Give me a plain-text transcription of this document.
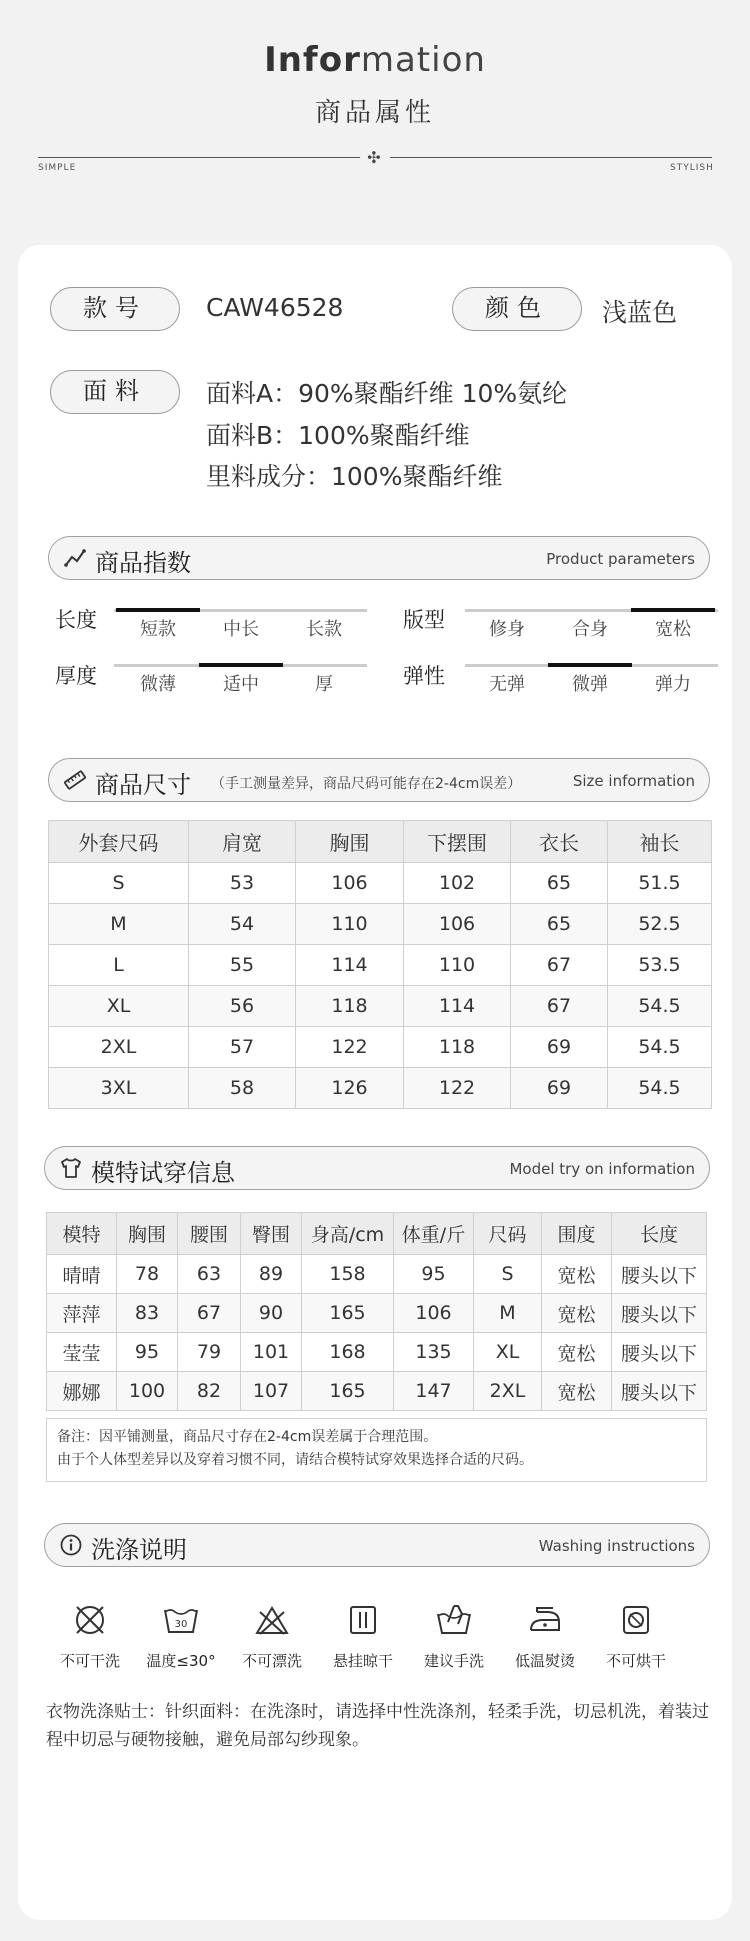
Information
商品属性
✣
SIMPLE	STYLISH
款号	CAW46528	颜色	浅蓝色
面料	面料A：90%聚酯纤维 10%氨纶
面料B：100%聚酯纤维
里料成分：100%聚酯纤维
商品指数	Product parameters
长度	短款	中长	长款	版型	修身	合身	宽松
厚度	微薄	适中	厚	弹性	无弹	微弹	弹力
商品尺寸 （手工测量差异，商品尺码可能存在2-4cm误差）	Size information
外套尺码	肩宽	胸围	下摆围	衣长	袖长
S	53	106	102	65	51.5
M	54	110	106	65	52.5
L	55	114	110	67	53.5
XL	56	118	114	67	54.5
2XL	57	122	118	69	54.5
3XL	58	126	122	69	54.5
模特试穿信息	Model try on information
模特	胸围	腰围	臀围	身高/cm	体重/斤	尺码	围度	长度
晴晴	78	63	89	158	95	S	宽松	腰头以下
萍萍	83	67	90	165	106	M	宽松	腰头以下
莹莹	95	79	101	168	135	XL	宽松	腰头以下
娜娜	100	82	107	165	147	2XL	宽松	腰头以下
备注：因平铺测量，商品尺寸存在2-4cm误差属于合理范围。
由于个人体型差异以及穿着习惯不同，请结合模特试穿效果选择合适的尺码。
洗涤说明	Washing instructions
不可干洗
30
温度≤30°	不可漂洗	悬挂晾干	建议手洗	低温熨烫	不可烘干
衣物洗涤贴士：针织面料：在洗涤时，请选择中性洗涤剂，轻柔手洗，切忌机洗，着装过程中切忌与硬物接触，避免局部勾纱现象。
